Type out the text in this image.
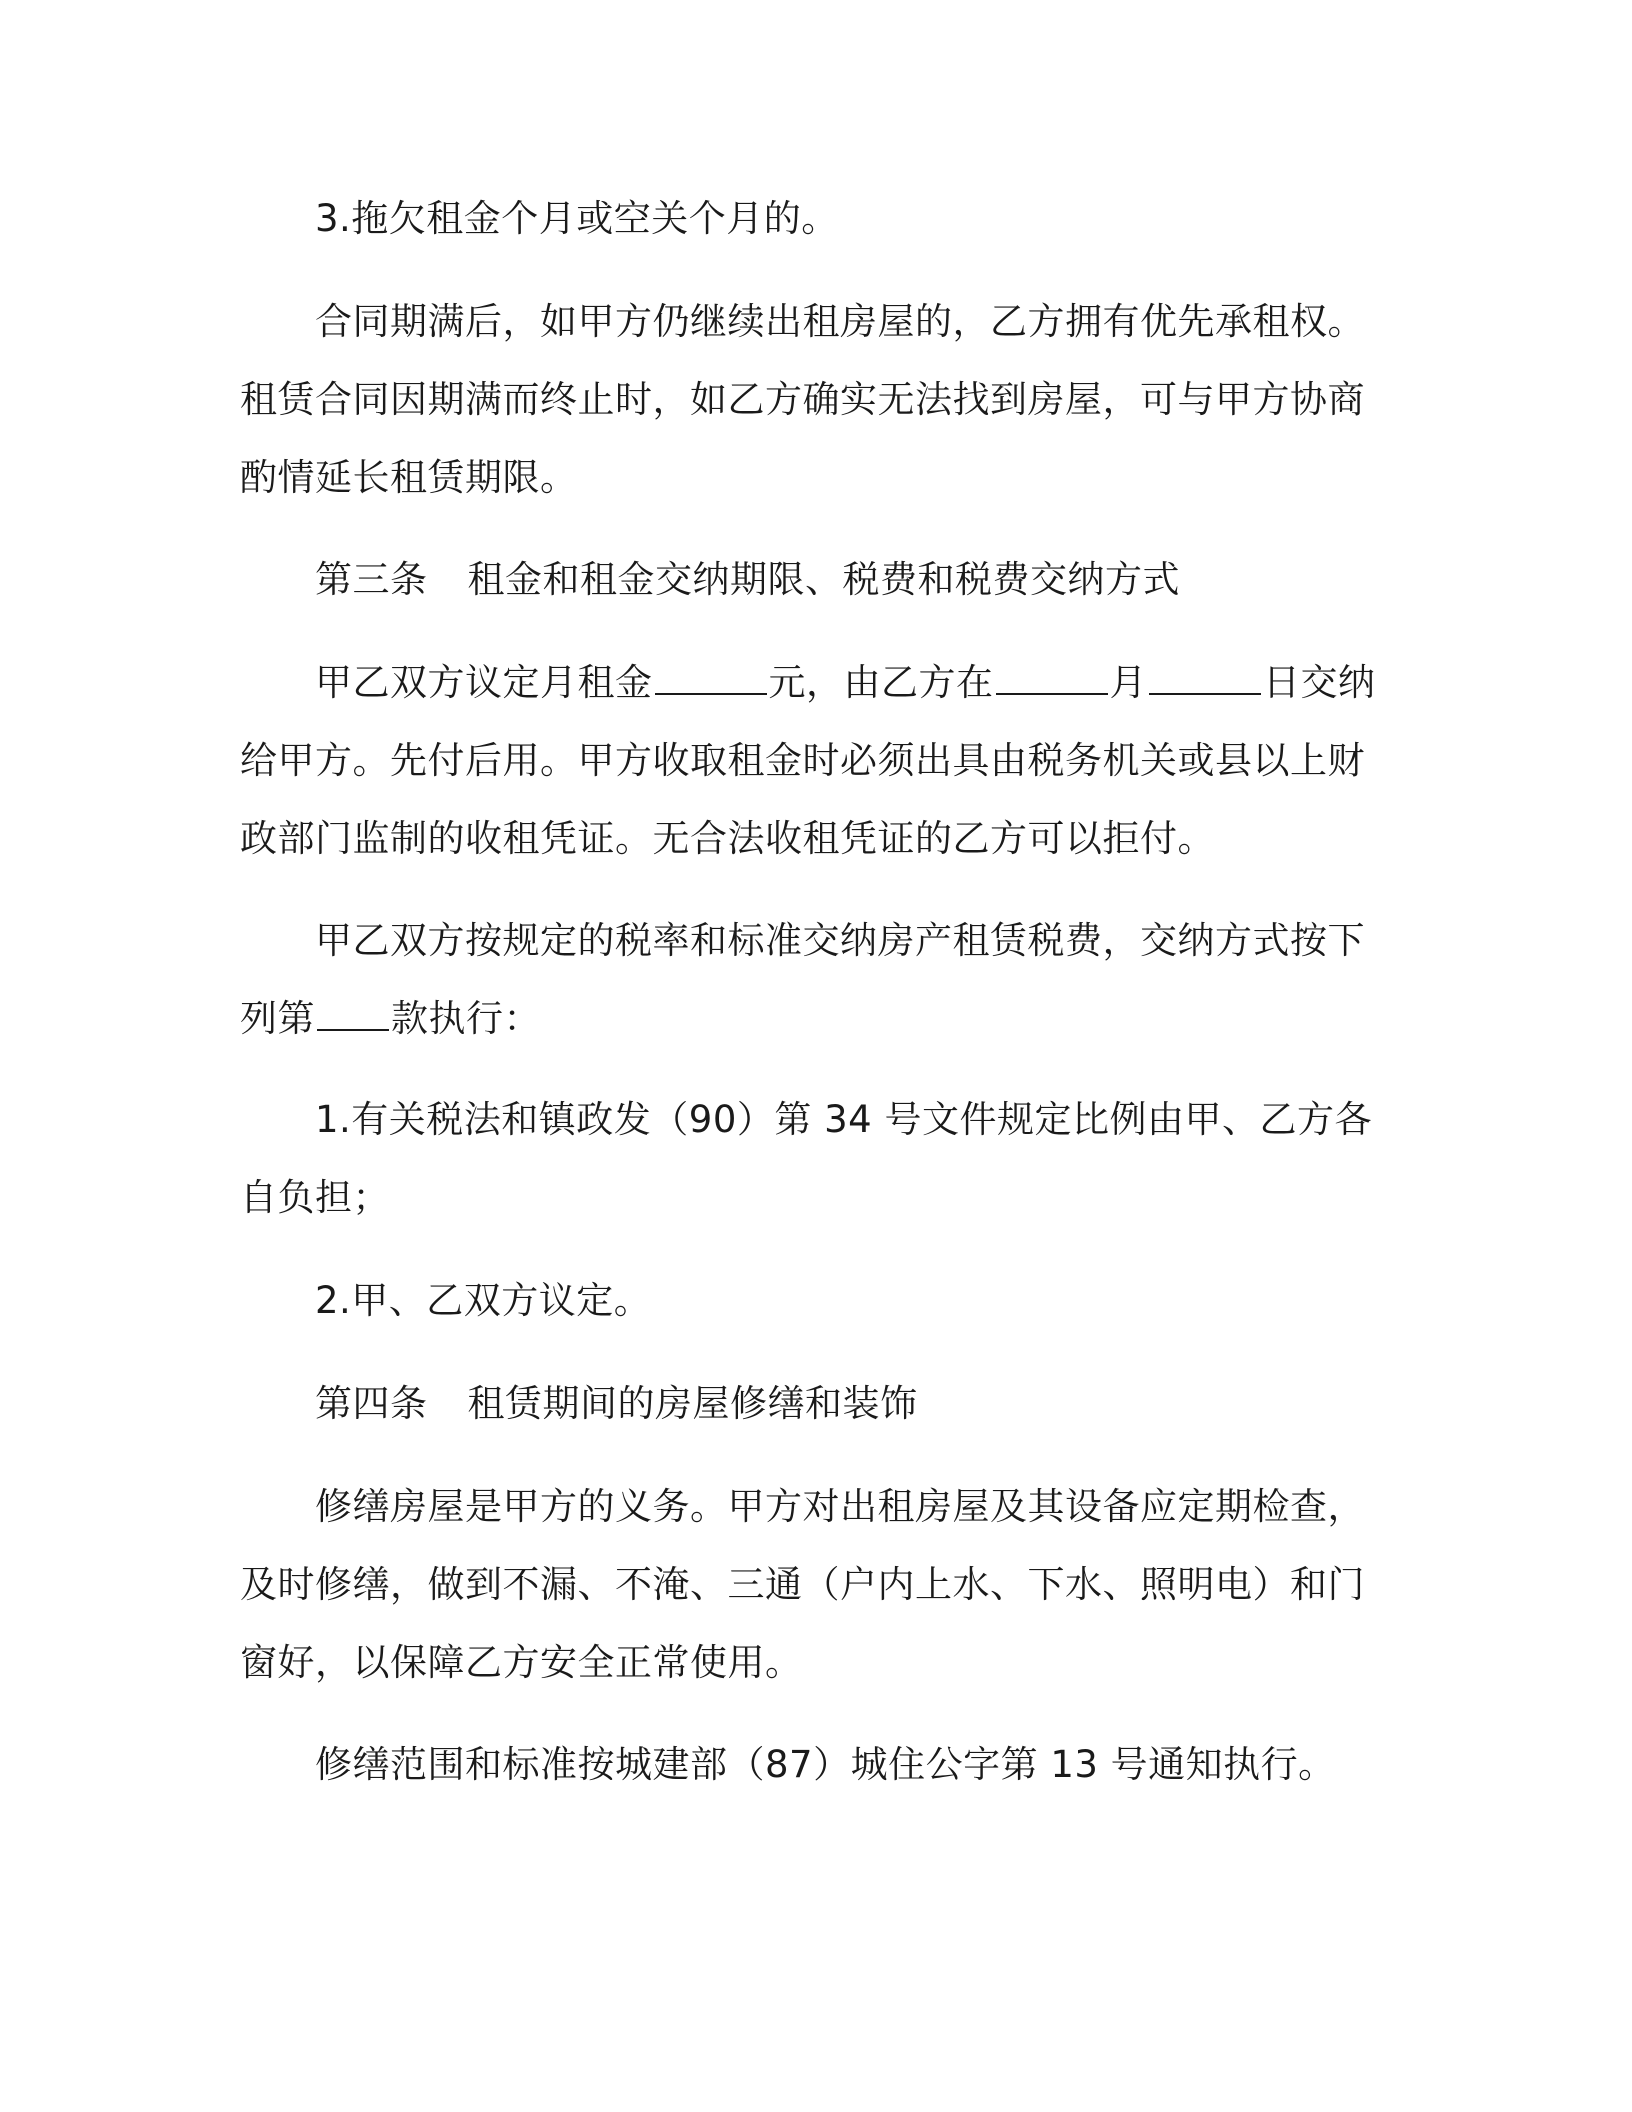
3.拖欠租金个月或空关个月的。

合同期满后，如甲方仍继续出租房屋的，乙方拥有优先承租权。租赁合同因期满而终止时，如乙方确实无法找到房屋，可与甲方协商酌情延长租赁期限。

第三条 租金和租金交纳期限、税费和税费交纳方式

甲乙双方议定月租金	元，由乙方在	月	日交纳给甲方。先付后用。甲方收取租金时必须出具由税务机关或县以上财政部门监制的收租凭证。无合法收租凭证的乙方可以拒付。

甲乙双方按规定的税率和标准交纳房产租赁税费，交纳方式按下列第 款执行：

1.有关税法和镇政发（90）第 34 号文件规定比例由甲、乙方各自负担；

2.甲、乙双方议定。

第四条 租赁期间的房屋修缮和装饰

修缮房屋是甲方的义务。甲方对出租房屋及其设备应定期检查，及时修缮，做到不漏、不淹、三通（户内上水、下水、照明电）和门窗好，以保障乙方安全正常使用。

修缮范围和标准按城建部（87）城住公字第 13 号通知执行。
